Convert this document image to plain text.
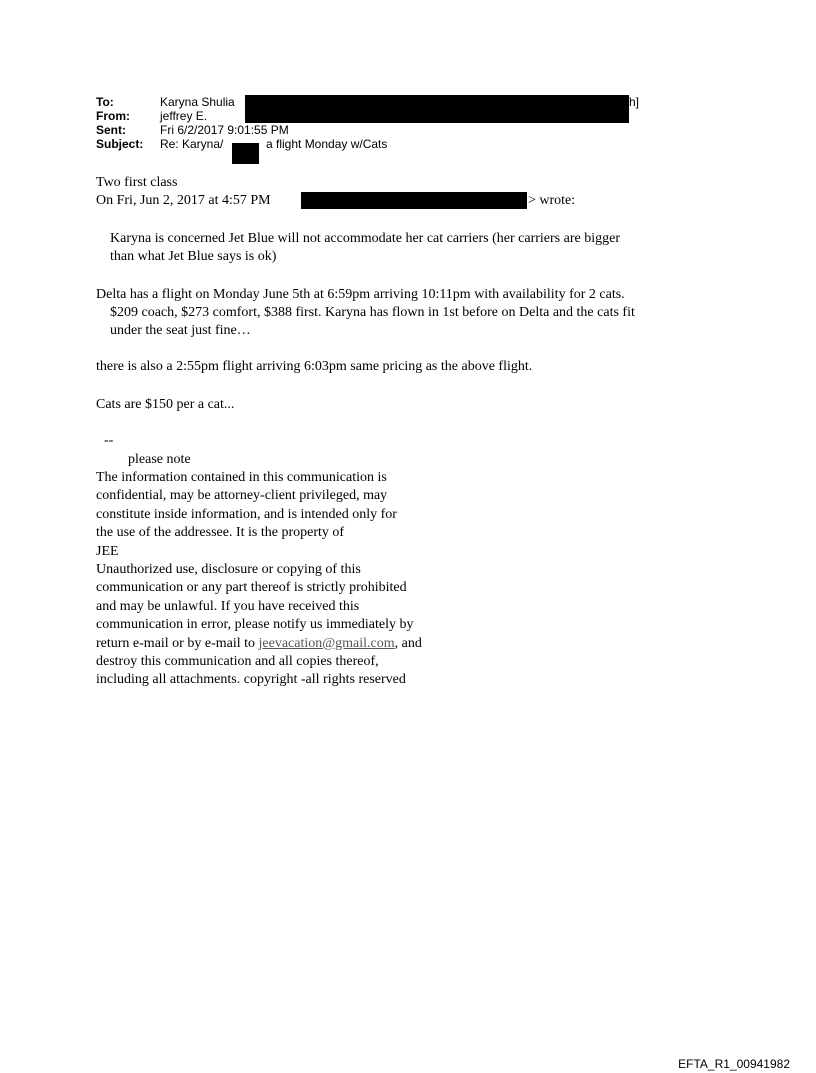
To:	Karyna Shulia
From:	jeffrey E.
Sent:	Fri 6/2/2017 9:01:55 PM
Subject: Re: Karyna/	a flight Monday w/Cats
h]
Two first class
On Fri, Jun 2, 2017 at 4:57 PM	> wrote:
Karyna is concerned Jet Blue will not accommodate her cat carriers (her carriers are bigger
than what Jet Blue says is ok)
Delta has a flight on Monday June 5th at 6:59pm arriving 10:11pm with availability for 2 cats.
$209 coach, $273 comfort, $388 first. Karyna has flown in 1st before on Delta and the cats fit
under the seat just fine…
there is also a 2:55pm flight arriving 6:03pm same pricing as the above flight.
Cats are $150 per a cat...
--
please note
The information contained in this communication is
confidential, may be attorney-client privileged, may
constitute inside information, and is intended only for
the use of the addressee. It is the property of
JEE
Unauthorized use, disclosure or copying of this
communication or any part thereof is strictly prohibited
and may be unlawful. If you have received this
communication in error, please notify us immediately by
return e-mail or by e-mail to jeevacation@gmail.com, and
destroy this communication and all copies thereof,
including all attachments. copyright -all rights reserved
EFTA_R1_00941982
